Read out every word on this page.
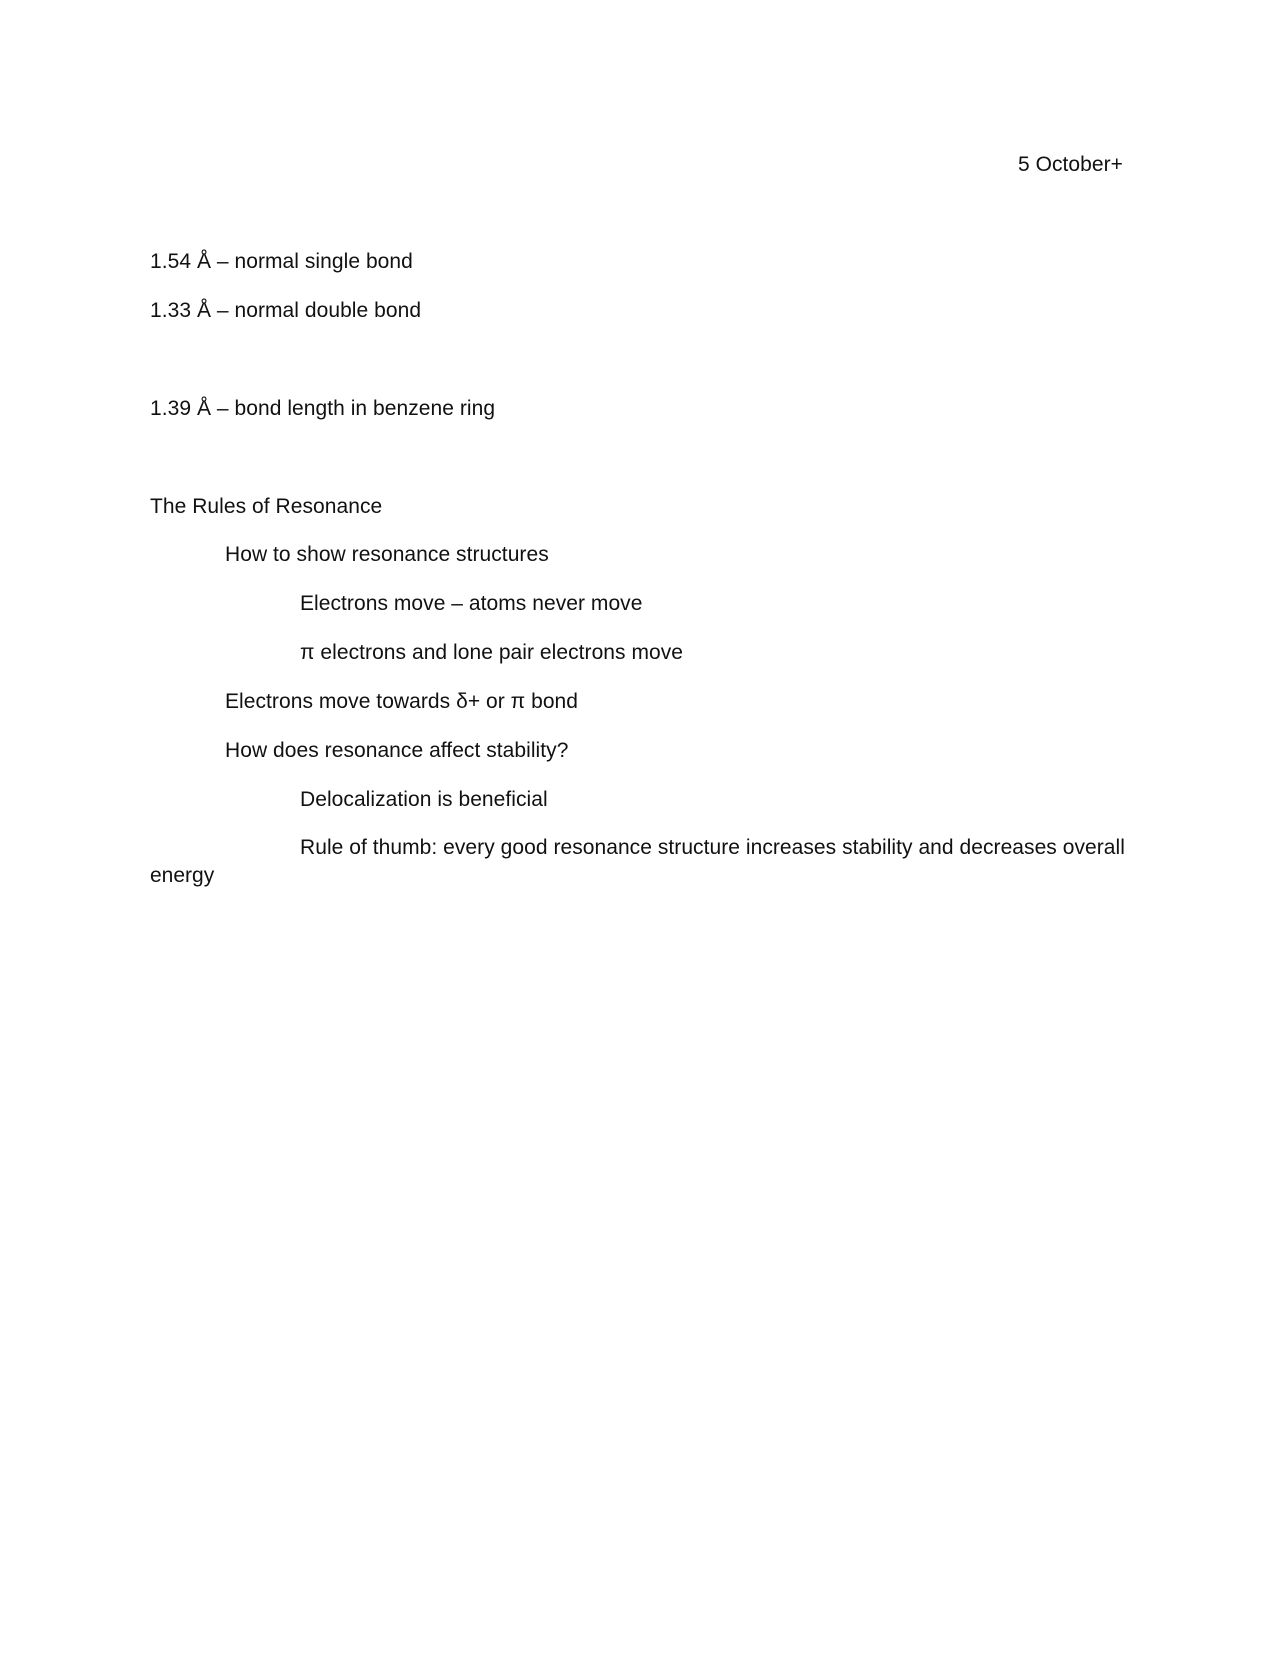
5 October+
1.54 Å – normal single bond
1.33 Å – normal double bond
1.39 Å – bond length in benzene ring
The Rules of Resonance
How to show resonance structures
Electrons move – atoms never move
π electrons and lone pair electrons move
Electrons move towards δ+ or π bond
How does resonance affect stability?
Delocalization is beneficial
Rule of thumb: every good resonance structure increases stability and decreases overall
energy
